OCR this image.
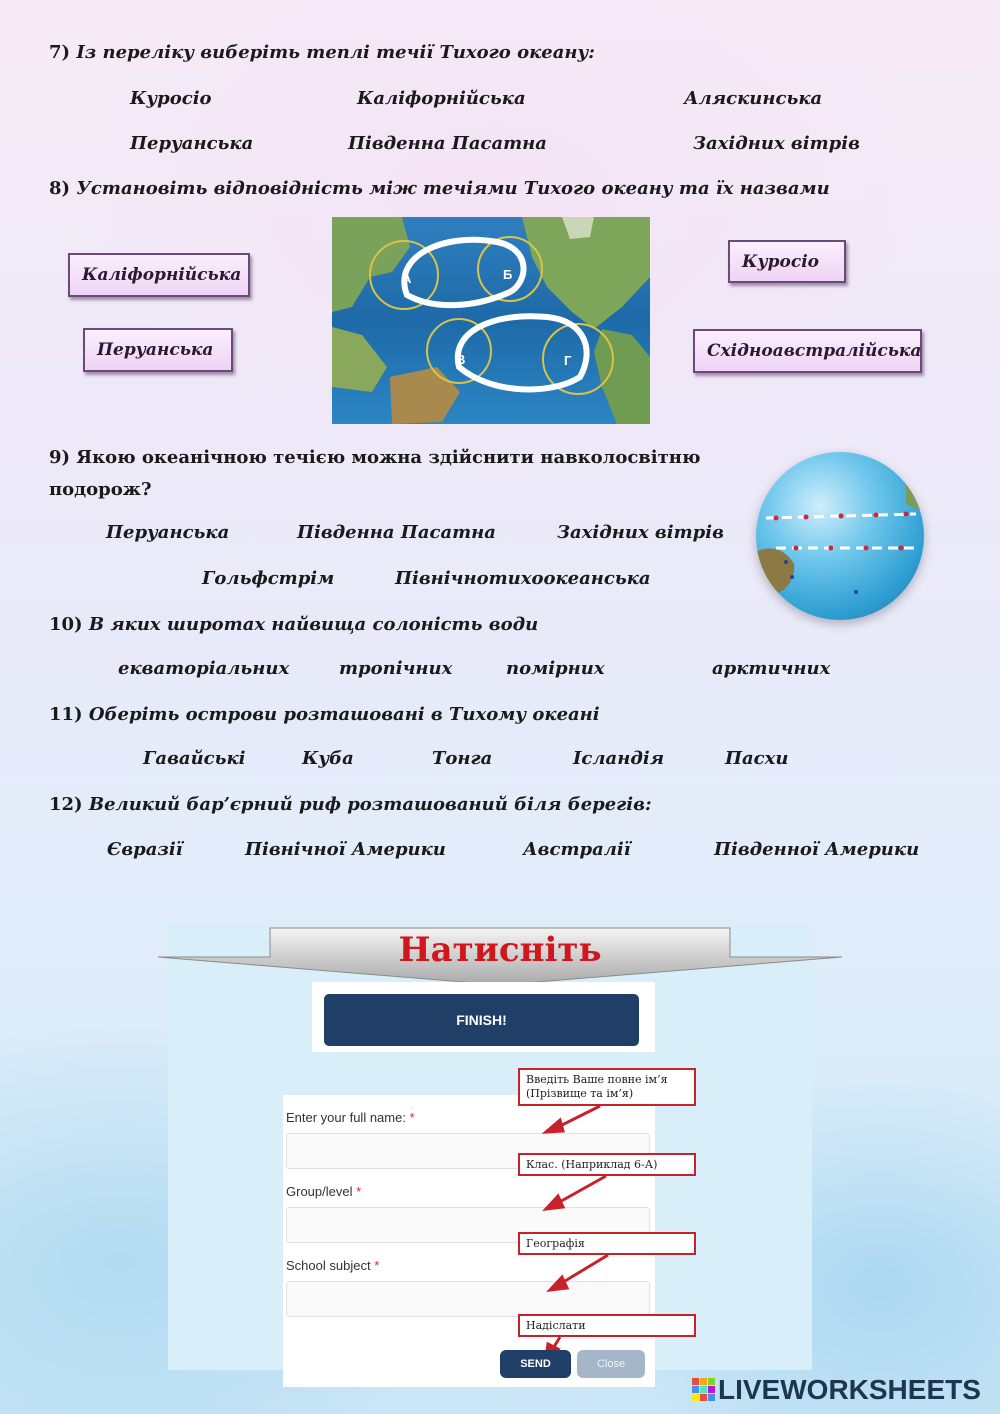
7) Із переліку виберіть теплі течії Тихого океану:
Куросіо	Каліфорнійська	Аляскинська
Перуанська	Південна Пасатна	Західних вітрів
8) Установіть відповідність між течіями Тихого океану та їх назвами
Каліфорнійська
Перуанська
Куросіо
Східноавстралійська
А	Б
В	Г
9) Якою океанічною течією можна здійснити навколосвітню
подорож?
Перуанська	Південна Пасатна	Західних вітрів
Гольфстрім	Північнотихоокеанська
10) В яких широтах найвища солоність води
екваторіальних	тропічних	помірних	арктичних
11) Оберіть острови розташовані в Тихому океані
Гавайські	Куба	Тонга	Ісландія	Пасхи
12) Великий бар’єрний риф розташований біля берегів:
Євразії	Північної Америки	Австралії	Південної Америки
Натисніть
FINISH!
Enter your full name: *
Group/level *
School subject *
Введіть Ваше повне ім’я
(Прізвище та ім’я)
Клас. (Наприклад 6-А)
Географія
Надіслати
SEND	Close
LIVEWORKSHEETS
